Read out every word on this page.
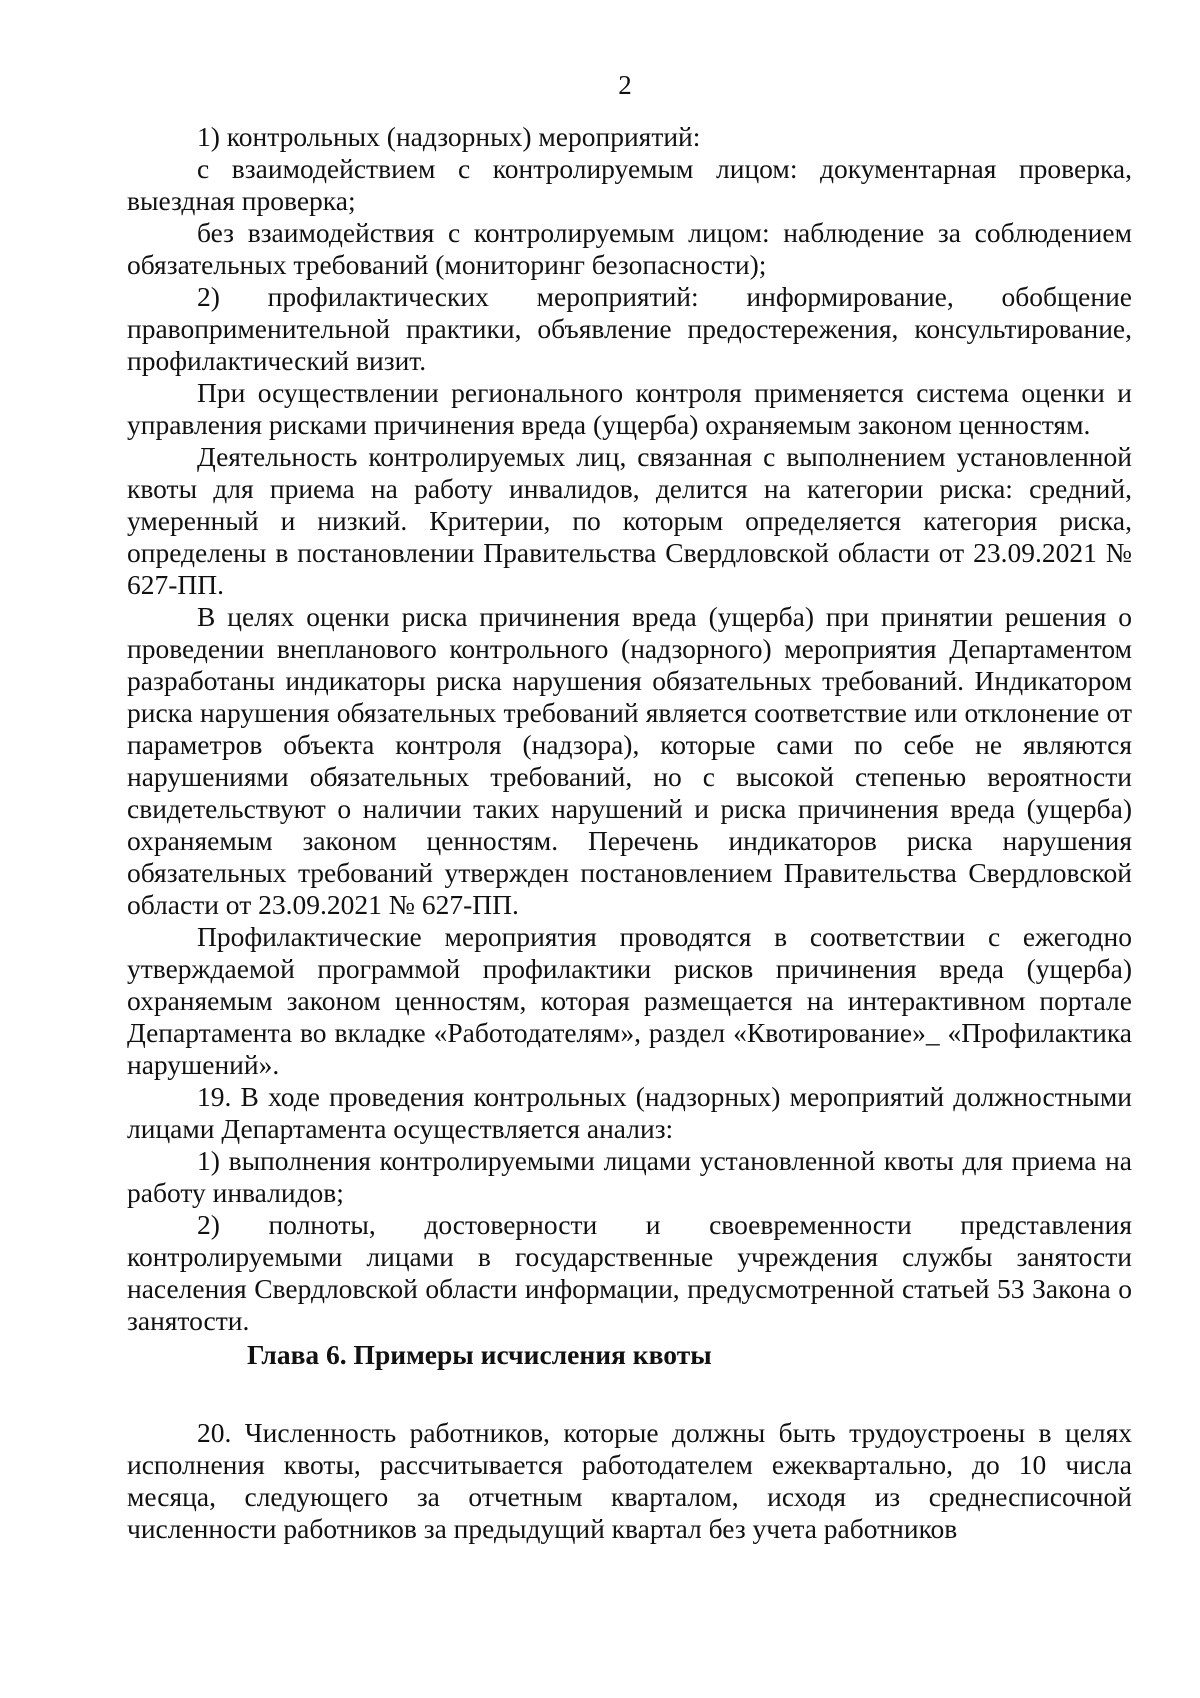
2

1) контрольных (надзорных) мероприятий:

с взаимодействием с контролируемым лицом: документарная проверка, выездная проверка;

без взаимодействия с контролируемым лицом: наблюдение за соблюдением обязательных требований (мониторинг безопасности);

2) профилактических мероприятий: информирование, обобщение правоприменительной практики, объявление предостережения, консультирование, профилактический визит.

При осуществлении регионального контроля применяется система оценки и управления рисками причинения вреда (ущерба) охраняемым законом ценностям.

Деятельность контролируемых лиц, связанная с выполнением установленной квоты для приема на работу инвалидов, делится на категории риска: средний, умеренный и низкий. Критерии, по которым определяется категория риска, определены в постановлении Правительства Свердловской области от 23.09.2021 № 627-ПП.

В целях оценки риска причинения вреда (ущерба) при принятии решения о проведении внепланового контрольного (надзорного) мероприятия Департаментом разработаны индикаторы риска нарушения обязательных требований. Индикатором риска нарушения обязательных требований является соответствие или отклонение от параметров объекта контроля (надзора), которые сами по себе не являются нарушениями обязательных требований, но с высокой степенью вероятности свидетельствуют о наличии таких нарушений и риска причинения вреда (ущерба) охраняемым законом ценностям. Перечень индикаторов риска нарушения обязательных требований утвержден постановлением Правительства Свердловской области от 23.09.2021 № 627-ПП.

Профилактические мероприятия проводятся в соответствии с ежегодно утверждаемой программой профилактики рисков причинения вреда (ущерба) охраняемым законом ценностям, которая размещается на интерактивном портале Департамента во вкладке «Работодателям», раздел «Квотирование»_ «Профилактика нарушений».

19. В ходе проведения контрольных (надзорных) мероприятий должностными лицами Департамента осуществляется анализ:

1) выполнения контролируемыми лицами установленной квоты для приема на работу инвалидов;

2) полноты, достоверности и своевременности представления контролируемыми лицами в государственные учреждения службы занятости населения Свердловской области информации, предусмотренной статьей 53 Закона о занятости.

Глава 6. Примеры исчисления квоты

20. Численность работников, которые должны быть трудоустроены в целях исполнения квоты, рассчитывается работодателем ежеквартально, до 10 числа месяца, следующего за отчетным кварталом, исходя из среднесписочной численности работников за предыдущий квартал без учета работников
